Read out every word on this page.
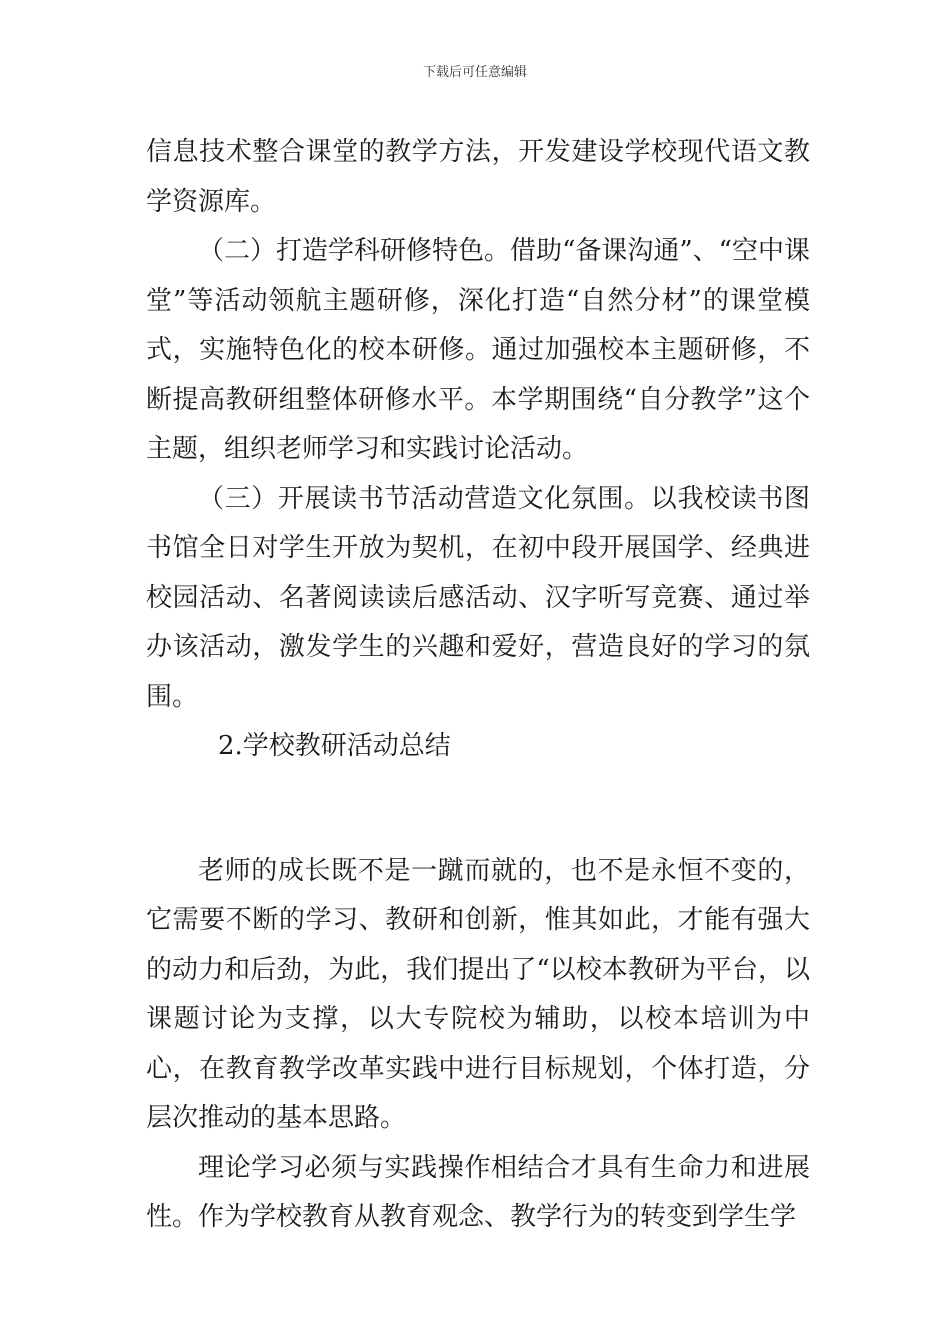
下载后可任意编辑

信息技术整合课堂的教学方法，开发建设学校现代语文教学资源库。

（二）打造学科研修特色。借助“备课沟通”、“空中课堂”等活动领航主题研修，深化打造“自然分材”的课堂模式，实施特色化的校本研修。通过加强校本主题研修，不断提高教研组整体研修水平。本学期围绕“自分教学”这个主题，组织老师学习和实践讨论活动。

（三）开展读书节活动营造文化氛围。以我校读书图书馆全日对学生开放为契机，在初中段开展国学、经典进校园活动、名著阅读读后感活动、汉字听写竞赛、通过举办该活动，激发学生的兴趣和爱好，营造良好的学习的氛围。

2.学校教研活动总结

老师的成长既不是一蹴而就的，也不是永恒不变的，它需要不断的学习、教研和创新，惟其如此，才能有强大的动力和后劲，为此，我们提出了“以校本教研为平台，以课题讨论为支撑，以大专院校为辅助，以校本培训为中心，在教育教学改革实践中进行目标规划，个体打造，分层次推动的基本思路。

理论学习必须与实践操作相结合才具有生命力和进展性。作为学校教育从教育观念、教学行为的转变到学生学
